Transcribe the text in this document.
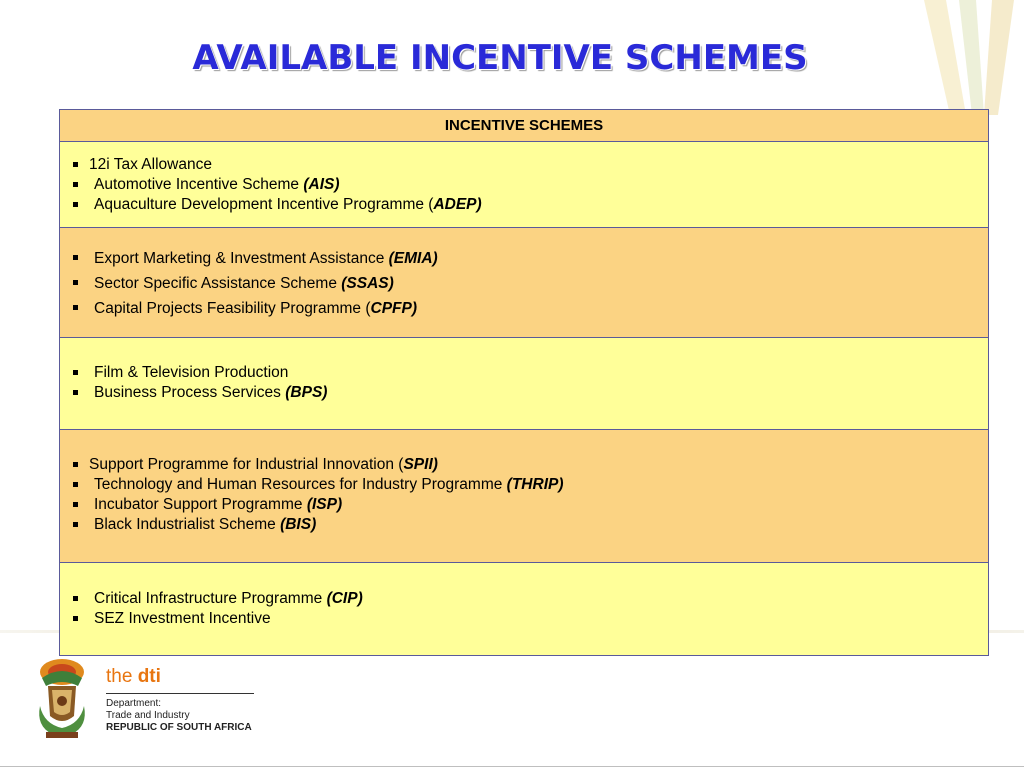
AVAILABLE INCENTIVE SCHEMES
INCENTIVE SCHEMES
12i Tax Allowance
Automotive Incentive Scheme (AIS)
Aquaculture Development Incentive Programme (ADEP)
Export Marketing & Investment Assistance (EMIA)
Sector Specific Assistance Scheme (SSAS)
Capital Projects Feasibility Programme (CPFP)
Film & Television Production
Business Process Services (BPS)
Support Programme for Industrial Innovation (SPII)
Technology and Human Resources for Industry Programme (THRIP)
Incubator Support Programme (ISP)
Black Industrialist Scheme (BIS)
Critical Infrastructure Programme (CIP)
SEZ Investment Incentive
the dti
Department:
Trade and Industry
REPUBLIC OF SOUTH AFRICA
